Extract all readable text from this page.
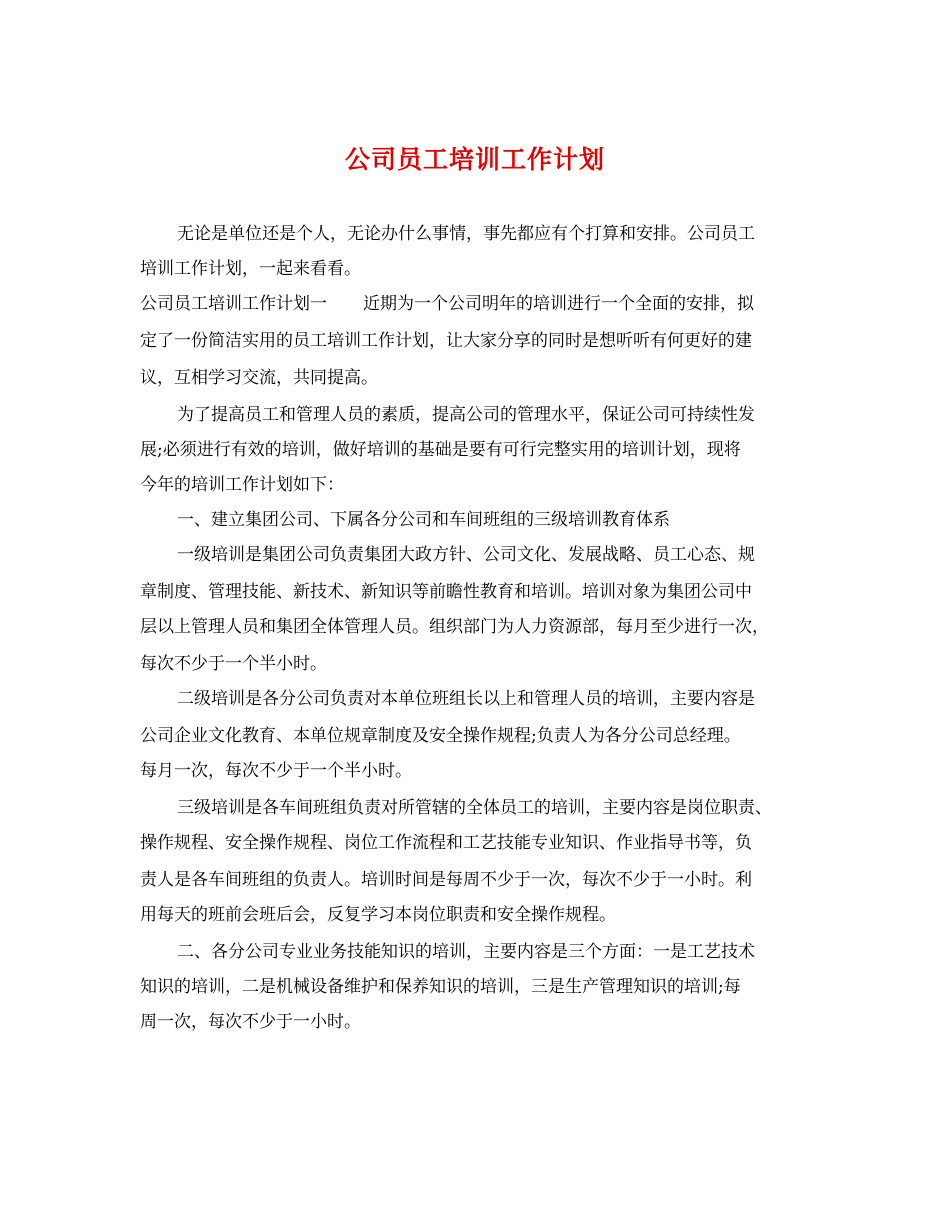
公司员工培训工作计划

无论是单位还是个人，无论办什么事情，事先都应有个打算和安排。公司员工

培训工作计划，一起来看看。

公司员工培训工作计划一 近期为一个公司明年的培训进行一个全面的安排，拟

定了一份简洁实用的员工培训工作计划，让大家分享的同时是想听听有何更好的建

议，互相学习交流，共同提高。

为了提高员工和管理人员的素质，提高公司的管理水平，保证公司可持续性发

展;必须进行有效的培训，做好培训的基础是要有可行完整实用的培训计划，现将

今年的培训工作计划如下：

一、建立集团公司、下属各分公司和车间班组的三级培训教育体系

一级培训是集团公司负责集团大政方针、公司文化、发展战略、员工心态、规

章制度、管理技能、新技术、新知识等前瞻性教育和培训。培训对象为集团公司中

层以上管理人员和集团全体管理人员。组织部门为人力资源部，每月至少进行一次，

每次不少于一个半小时。

二级培训是各分公司负责对本单位班组长以上和管理人员的培训，主要内容是

公司企业文化教育、本单位规章制度及安全操作规程;负责人为各分公司总经理。

每月一次，每次不少于一个半小时。

三级培训是各车间班组负责对所管辖的全体员工的培训，主要内容是岗位职责、

操作规程、安全操作规程、岗位工作流程和工艺技能专业知识、作业指导书等，负

责人是各车间班组的负责人。培训时间是每周不少于一次，每次不少于一小时。利

用每天的班前会班后会，反复学习本岗位职责和安全操作规程。

二、各分公司专业业务技能知识的培训，主要内容是三个方面：一是工艺技术

知识的培训，二是机械设备维护和保养知识的培训，三是生产管理知识的培训;每

周一次，每次不少于一小时。
